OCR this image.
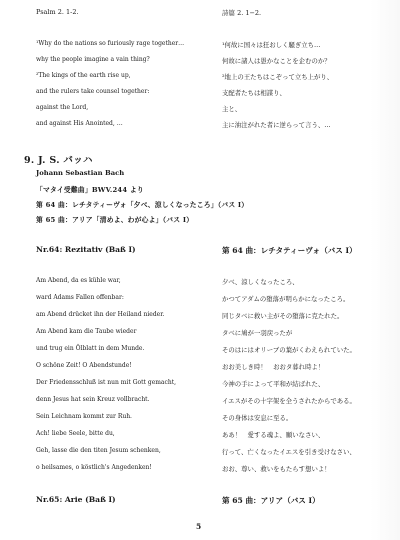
Psalm 2. 1-2.	詩篇 2. 1−2.
¹Why do the nations so furiously rage together…	¹何故に国々は狂おしく騒ぎ立ち…
why the people imagine a vain thing?	何故に諸人は愚かなことを企むのか？
²The kings of the earth rise up,	²地上の王たちはこぞって立ち上がり、
and the rulers take counsel together:	支配者たちは相謀り、
against the Lord,	主と、
and against His Anointed, …	主に油注がれた者に逆らって言う、…
9. J. S. バッハ
Johann Sebastian Bach
「マタイ受難曲」BWV.244 より
第 64 曲：レチタティーヴォ「夕べ、涼しくなったころ」（バス I）
第 65 曲：アリア「清めよ、わが心よ」（バス I）
Nr.64: Rezitativ (Baß I)	第 64 曲：レチタティーヴォ（バス I）
Am Abend, da es kühle war,	夕べ、涼しくなったころ、
ward Adams Fallen offenbar:	かつてアダムの堕落が明らかになったころ。
am Abend drücket ihn der Heiland nieder.	同じタベに救い主がその堕落に克たれた。
Am Abend kam die Taube wieder	タベに鳩が一羽戻ったが
und trug ein Ölblatt in dem Munde.	そのはにはオリーブの葉がくわえられていた。
O schöne Zeit! O Abendstunde!	おお美しき時！　おおタ暮れ時よ！
Der Friedensschluß ist nun mit Gott gemacht,	今神の手によって平和が結ばれた、
denn Jesus hat sein Kreuz vollbracht.	イエスがその十字架を全うされたからである。
Sein Leichnam kommt zur Ruh.	その身体は安息に至る。
Ach! liebe Seele, bitte du,	ああ！　愛する魂よ、願いなさい、
Geh, lasse die den titen Jesum schenken,	行って、亡くなったイエスを引き受けなさい、
o heilsames, o köstlich's Angedenken!	おお、尊い、救いをもたらす想いよ！
Nr.65: Arie (Baß I)	第 65 曲：アリア（バス I）
5
